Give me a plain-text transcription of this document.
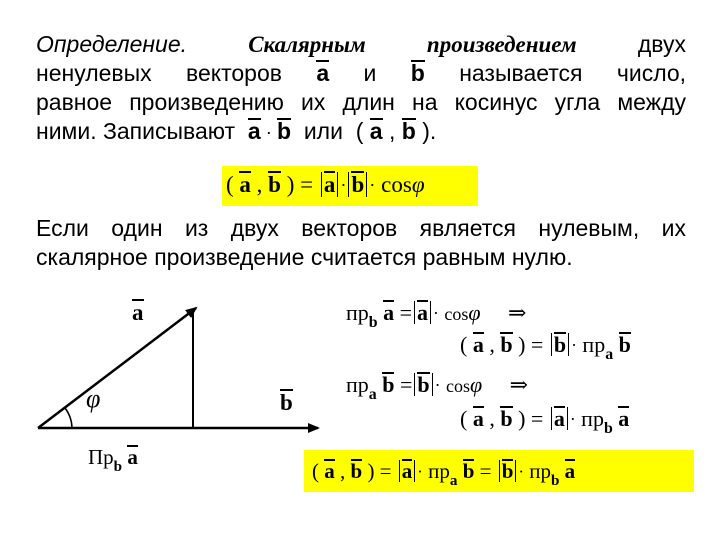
Определение.	Скалярным	произведением	двух
ненулевых векторов a и b называется число,
равное произведению их длин на косинус угла между
ними. Записывают a · b или  ( a , b ).
( a , b ) = a · b · cosφ
Если один из двух векторов является нулевым, их
скалярное произведение считается равным нулю.
a
φ	b
$Пр_b$ a
$пр_b$ a = a · cosφ ⇒
( a , b ) = $b \cdot пр_a$ b
$пр_a$ b = b · cosφ ⇒
( a , b ) = $a \cdot пр_b$ a
( a , b ) = $a \cdot пр_a$ $b = b \cdot пр_b$ a
